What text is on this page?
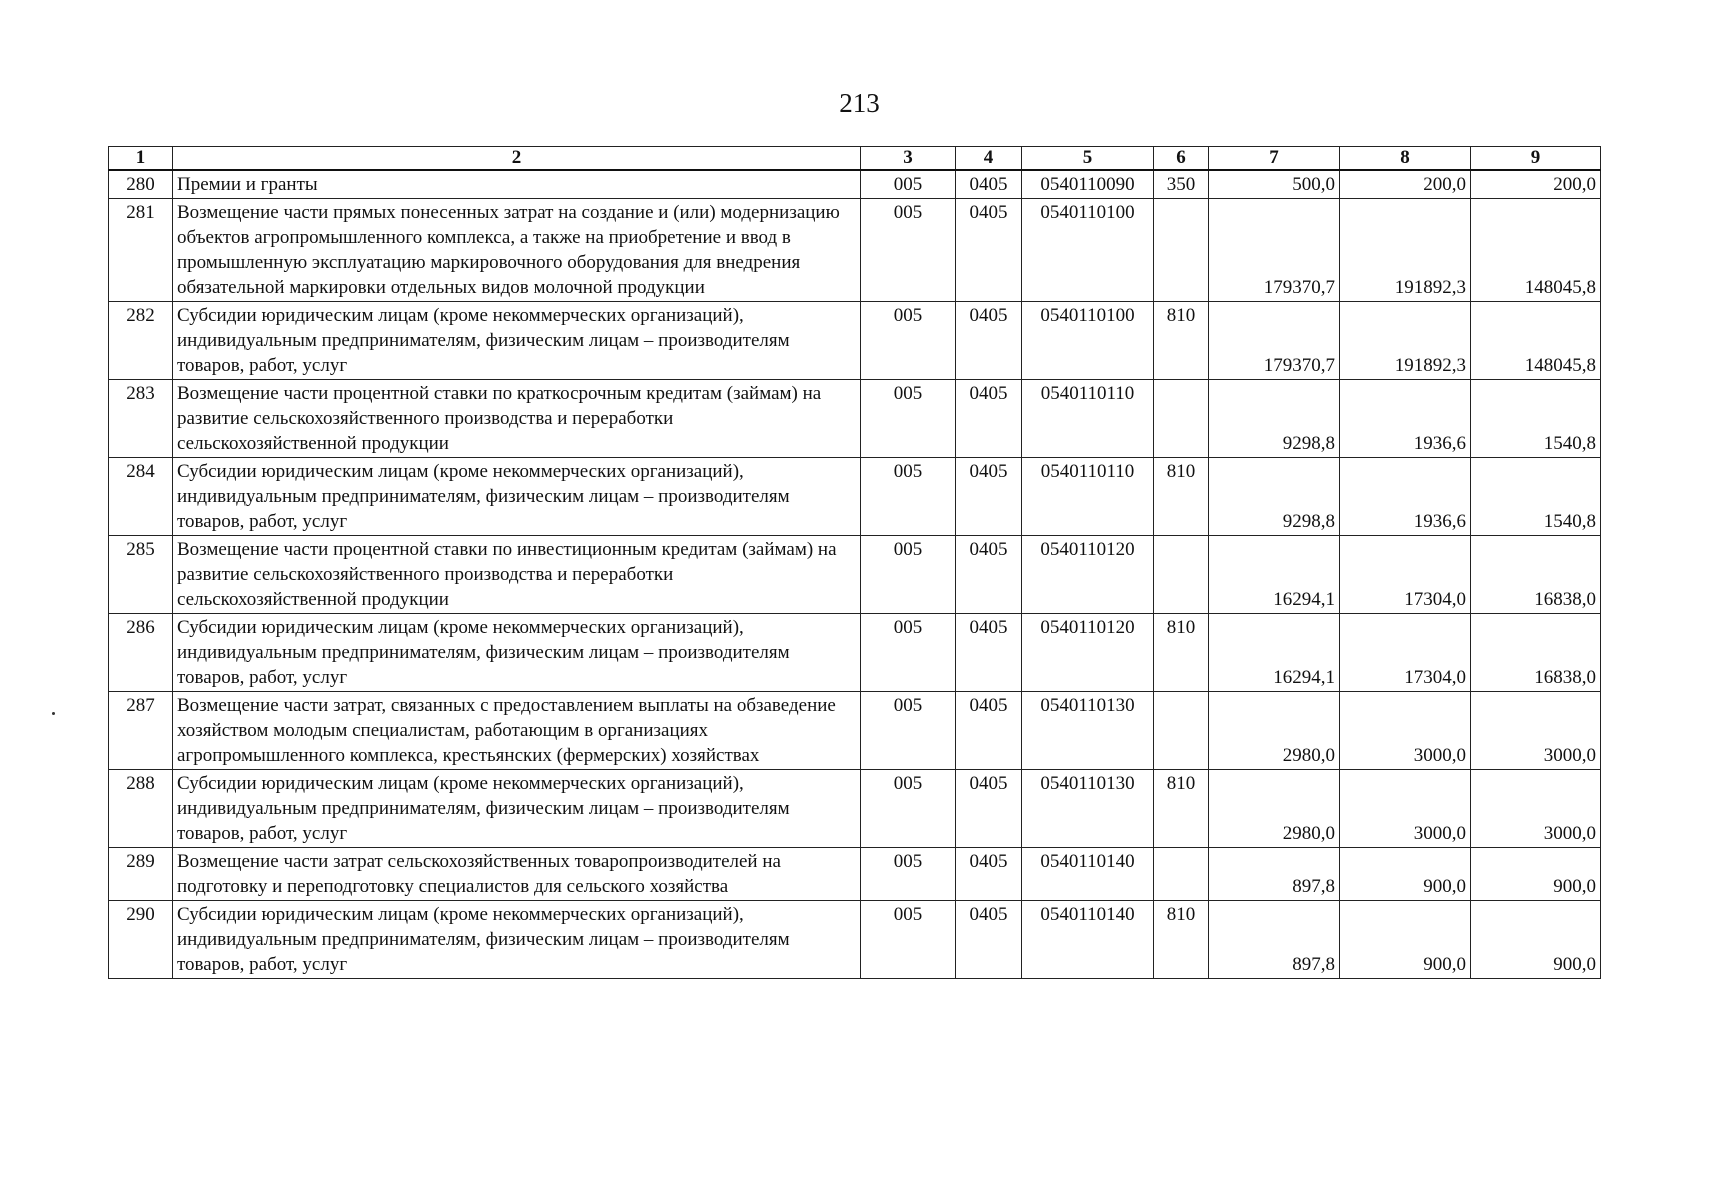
213
1	2	3	4	5	6	7	8	9
280	Премии и гранты	005	0405	0540110090	350	500,0	200,0	200,0
281	Возмещение части прямых понесенных затрат на создание и (или) модернизацию объектов агропромышленного комплекса, а также на приобретение и ввод в промышленную эксплуатацию маркировочного оборудования для внедрения обязательной маркировки отдельных видов молочной продукции	005	0405	0540110100		179370,7	191892,3	148045,8
282	Субсидии юридическим лицам (кроме некоммерческих организаций), индивидуальным предпринимателям, физическим лицам – производителям товаров, работ, услуг	005	0405	0540110100	810	179370,7	191892,3	148045,8
283	Возмещение части процентной ставки по краткосрочным кредитам (займам) на развитие сельскохозяйственного производства и переработки сельскохозяйственной продукции	005	0405	0540110110		9298,8	1936,6	1540,8
284	Субсидии юридическим лицам (кроме некоммерческих организаций), индивидуальным предпринимателям, физическим лицам – производителям товаров, работ, услуг	005	0405	0540110110	810	9298,8	1936,6	1540,8
285	Возмещение части процентной ставки по инвестиционным кредитам (займам) на развитие сельскохозяйственного производства и переработки сельскохозяйственной продукции	005	0405	0540110120		16294,1	17304,0	16838,0
286	Субсидии юридическим лицам (кроме некоммерческих организаций), индивидуальным предпринимателям, физическим лицам – производителям товаров, работ, услуг	005	0405	0540110120	810	16294,1	17304,0	16838,0
287	Возмещение части затрат, связанных с предоставлением выплаты на обзаведение хозяйством молодым специалистам, работающим в организациях агропромышленного комплекса, крестьянских (фермерских) хозяйствах	005	0405	0540110130		2980,0	3000,0	3000,0
288	Субсидии юридическим лицам (кроме некоммерческих организаций), индивидуальным предпринимателям, физическим лицам – производителям товаров, работ, услуг	005	0405	0540110130	810	2980,0	3000,0	3000,0
289	Возмещение части затрат сельскохозяйственных товаропроизводителей на подготовку и переподготовку специалистов для сельского хозяйства	005	0405	0540110140		897,8	900,0	900,0
290	Субсидии юридическим лицам (кроме некоммерческих организаций), индивидуальным предпринимателям, физическим лицам – производителям товаров, работ, услуг	005	0405	0540110140	810	897,8	900,0	900,0
